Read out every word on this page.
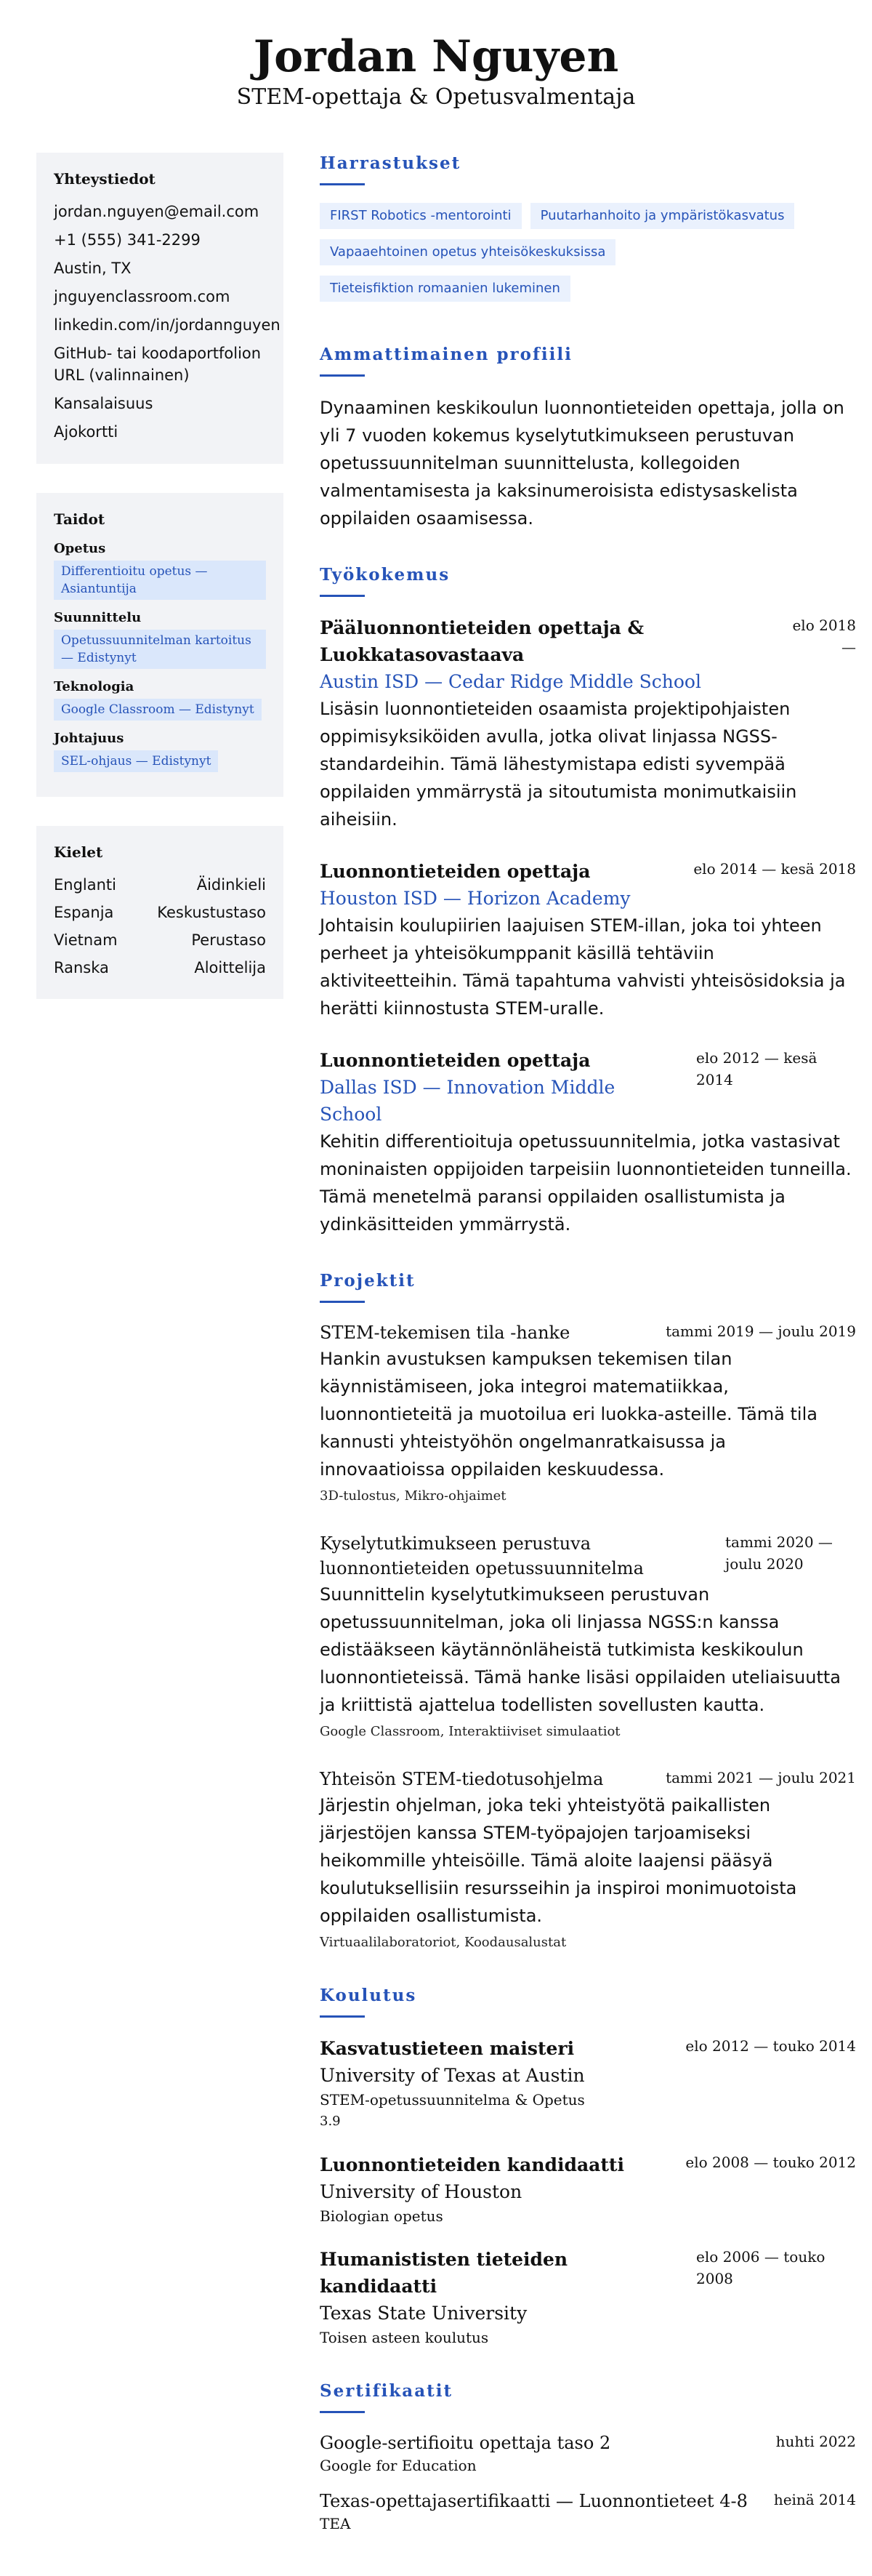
Jordan Nguyen

STEM-opettaja & Opetusvalmentaja

Yhteystiedot
jordan.nguyen@email.com
+1 (555) 341-2299
Austin, TX
jnguyenclassroom.com
linkedin.com/in/jordannguyen
GitHub- tai koodaportfolion URL (valinnainen)
Kansalaisuus
Ajokortti
Taidot
Opetus
Differentioitu opetus — Asiantuntija
Suunnittelu
Opetussuunnitelman kartoitus — Edistynyt
Teknologia
Google Classroom — Edistynyt
Johtajuus
SEL-ohjaus — Edistynyt
Kielet
Englanti	Äidinkieli
Espanja	Keskustustaso
Vietnam	Perustaso
Ranska	Aloittelija
Harrastukset
FIRST Robotics -mentorointi Puutarhanhoito ja ympäristökasvatusVapaaehtoinen opetus yhteisökeskuksissaTieteisfiktion romaanien lukeminen
Ammattimainen profiili

Dynaaminen keskikoulun luonnontieteiden opettaja, jolla on yli 7 vuoden kokemus kyselytutkimukseen perustuvan opetussuunnitelman suunnittelusta, kollegoiden valmentamisesta ja kaksinumeroisista edistysaskelista oppilaiden osaamisessa.

Työkokemus
Pääluonnontieteiden opettaja & Luokkatasovastaava
elo 2018 —
Austin ISD — Cedar Ridge Middle School

Lisäsin luonnontieteiden osaamista projektipohjaisten oppimisyksiköiden avulla, jotka olivat linjassa NGSS-standardeihin. Tämä lähestymistapa edisti syvempää oppilaiden ymmärrystä ja sitoutumista monimutkaisiin aiheisiin.

Luonnontieteiden opettaja	elo 2014 — kesä 2018
Houston ISD — Horizon Academy

Johtaisin koulupiirien laajuisen STEM-illan, joka toi yhteen perheet ja yhteisökumppanit käsillä tehtäviin aktiviteetteihin. Tämä tapahtuma vahvisti yhteisösidoksia ja herätti kiinnostusta STEM-uralle.

Luonnontieteiden opettaja
Dallas ISD — Innovation Middle School
elo 2012 — kesä 2014

Kehitin differentioituja opetussuunnitelmia, jotka vastasivat moninaisten oppijoiden tarpeisiin luonnontieteiden tunneilla. Tämä menetelmä paransi oppilaiden osallistumista ja ydinkäsitteiden ymmärrystä.

Projektit
STEM-tekemisen tila -hanke	tammi 2019 — joulu 2019

Hankin avustuksen kampuksen tekemisen tilan käynnistämiseen, joka integroi matematiikkaa, luonnontieteitä ja muotoilua eri luokka-asteille. Tämä tila kannusti yhteistyöhön ongelmanratkaisussa ja innovaatioissa oppilaiden keskuudessa.

3D-tulostus, Mikro-ohjaimet
Kyselytutkimukseen perustuva luonnontieteiden opetussuunnitelma
tammi 2020 — joulu 2020

Suunnittelin kyselytutkimukseen perustuvan opetussuunnitelman, joka oli linjassa NGSS:n kanssa edistääkseen käytännönläheistä tutkimista keskikoulun luonnontieteissä. Tämä hanke lisäsi oppilaiden uteliaisuutta ja kriittistä ajattelua todellisten sovellusten kautta.

Google Classroom, Interaktiiviset simulaatiot
Yhteisön STEM-tiedotusohjelma	tammi 2021 — joulu 2021

Järjestin ohjelman, joka teki yhteistyötä paikallisten järjestöjen kanssa STEM-työpajojen tarjoamiseksi heikommille yhteisöille. Tämä aloite laajensi pääsyä koulutuksellisiin resursseihin ja inspiroi monimuotoista oppilaiden osallistumista.

Virtuaalilaboratoriot, Koodausalustat
Koulutus
Kasvatustieteen maisteri	elo 2012 — touko 2014
University of Texas at Austin
STEM-opetussuunnitelma & Opetus
3.9
Luonnontieteiden kandidaatti	elo 2008 — touko 2012
University of Houston
Biologian opetus
Humanististen tieteiden kandidaatti
elo 2006 — touko 2008
Texas State University
Toisen asteen koulutus
Sertifikaatit
Google-sertifioitu opettaja taso 2	huhti 2022
Google for Education
Texas-opettajasertifikaatti — Luonnontieteet 4-8	heinä 2014
TEA
